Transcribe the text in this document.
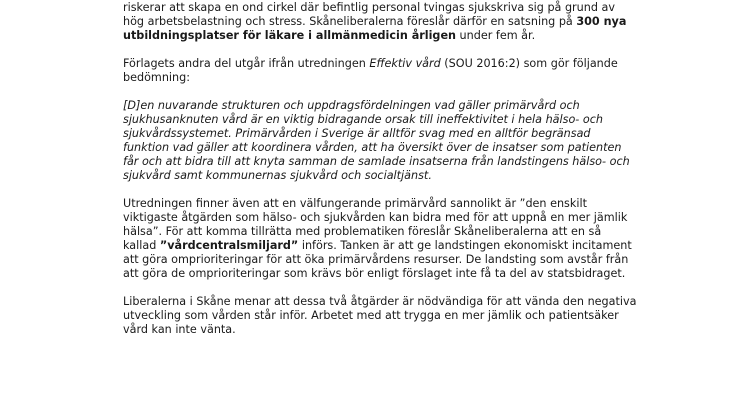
riskerar att skapa en ond cirkel där befintlig personal tvingas sjukskriva sig på grund av hög arbetsbelastning och stress. Skåneliberalerna föreslår därför en satsning på 300 nya utbildningsplatser för läkare i allmänmedicin årligen under fem år.

Förlagets andra del utgår ifrån utredningen Effektiv vård (SOU 2016:2) som gör följande bedömning:

[D]en nuvarande strukturen och uppdragsfördelningen vad gäller primärvård och sjukhusanknuten vård är en viktig bidragande orsak till ineffektivitet i hela hälso- och sjukvårdssystemet. Primärvården i Sverige är alltför svag med en alltför begränsad funktion vad gäller att koordinera vården, att ha översikt över de insatser som patienten får och att bidra till att knyta samman de samlade insatserna från landstingens hälso- och sjukvård samt kommunernas sjukvård och socialtjänst.

Utredningen finner även att en välfungerande primärvård sannolikt är ”den enskilt viktigaste åtgärden som hälso- och sjukvården kan bidra med för att uppnå en mer jämlik hälsa”. För att komma tillrätta med problematiken föreslår Skåneliberalerna att en så kallad ”vårdcentralsmiljard” införs. Tanken är att ge landstingen ekonomiskt incitament att göra omprioriteringar för att öka primärvårdens resurser. De landsting som avstår från att göra de omprioriteringar som krävs bör enligt förslaget inte få ta del av statsbidraget.

Liberalerna i Skåne menar att dessa två åtgärder är nödvändiga för att vända den negativa utveckling som vården står inför. Arbetet med att trygga en mer jämlik och patientsäker vård kan inte vänta.
